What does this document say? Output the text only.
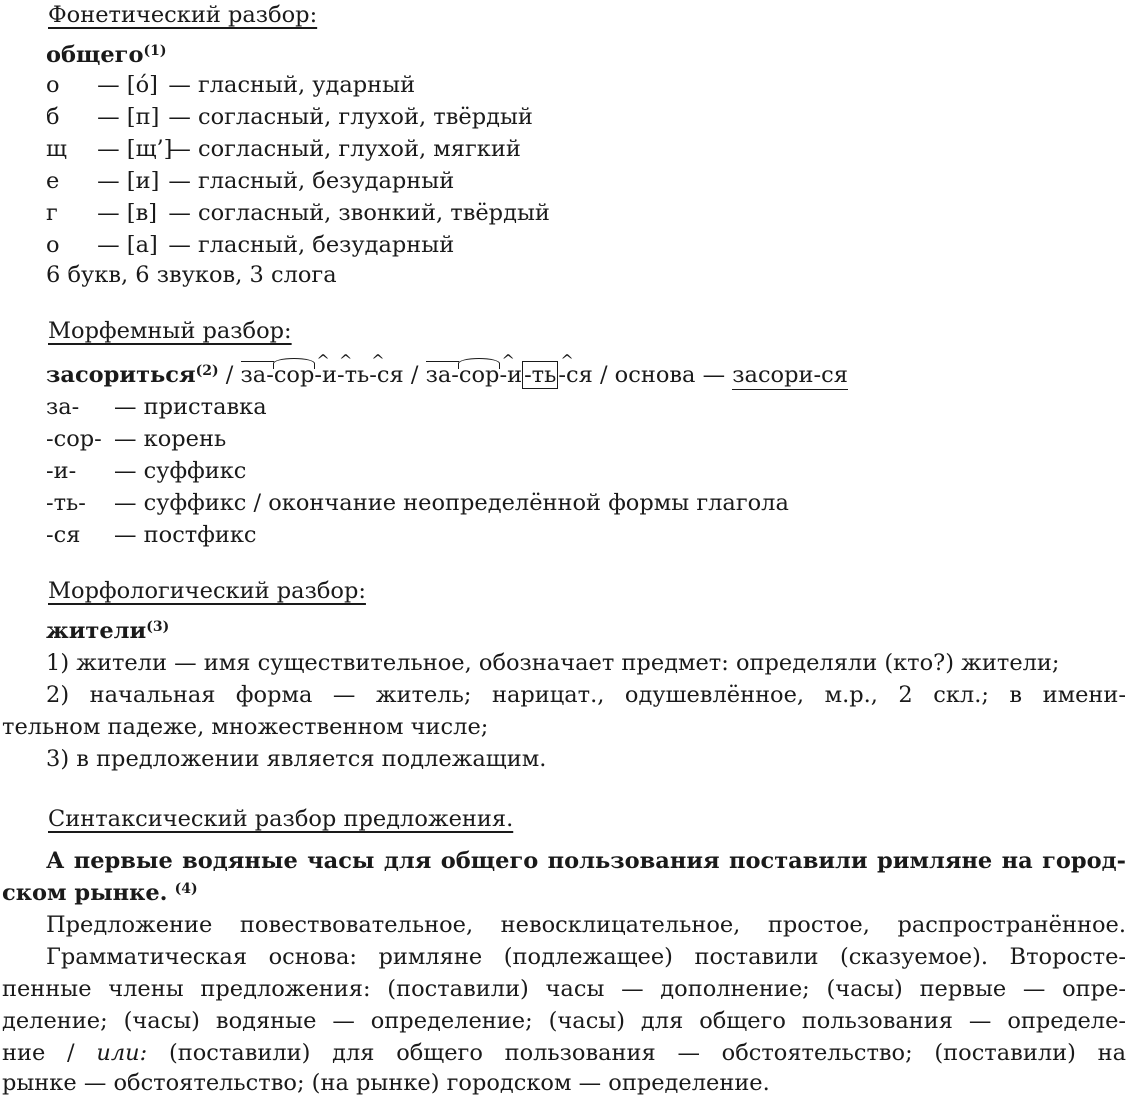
Фонетический разбор:
общего$^{(1)}$
о — [о́] — гласный, ударный
б — [п] — согласный, глухой, твёрдый
щ — [щ’] — согласный, глухой, мягкий
е — [и] — гласный, безударный
г — [в] — согласный, звонкий, твёрдый
о — [а] — гласный, безударный
6 букв, 6 звуков, 3 слога
Морфемный разбор:
засориться$^{(2)}$ / за-сор^ -и^ -ть^ -ся / за-сор^ -и-ть^ -ся / основа — засори-ся
за- — приставка
-сор- — корень
-и- — суффикс
-ть- — суффикс / окончание неопределённой формы глагола
-ся — постфикс
Морфологический разбор:
жители$^{(3)}$
1) жители — имя существительное, обозначает предмет: определяли (кто?) жители;
2) начальная форма — житель; нарицат., одушевлённое, м.р., 2 скл.; в имени-
тельном падеже, множественном числе;
3) в предложении является подлежащим.
Синтаксический разбор предложения.
А первые водяные часы для общего пользования поставили римляне на город-
ском рынке. $^{(4)}$
Предложение повествовательное, невосклицательное, простое, распространённое.
Грамматическая основа: римляне (подлежащее) поставили (сказуемое). Второсте-
пенные члены предложения: (поставили) часы — дополнение; (часы) первые — опре-
деление; (часы) водяные — определение; (часы) для общего пользования — определе-
ние / или: (поставили) для общего пользования — обстоятельство; (поставили) на
рынке — обстоятельство; (на рынке) городском — определение.
